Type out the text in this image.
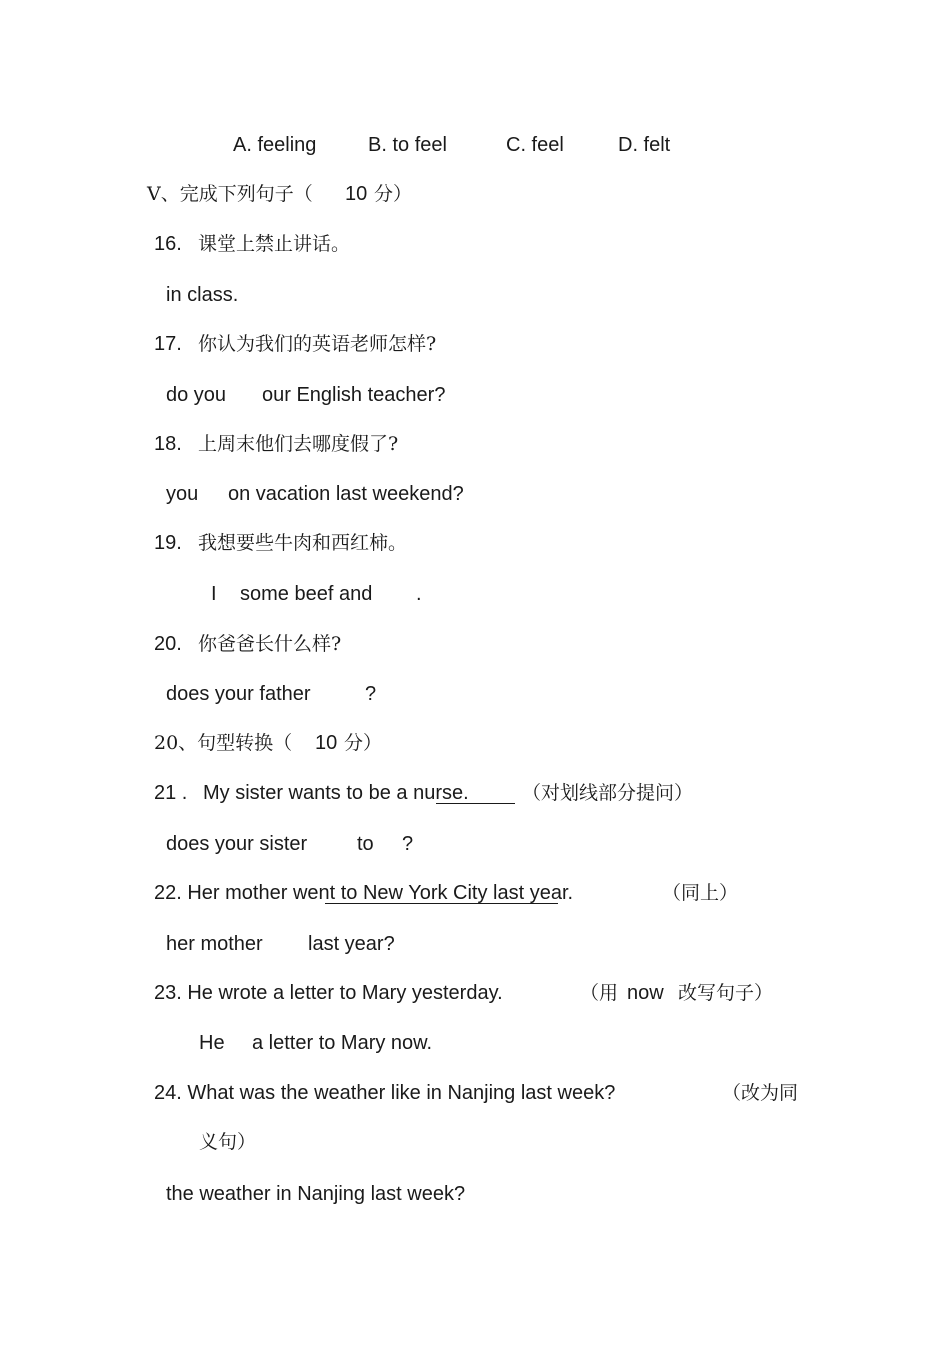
A. feeling	B. to feel	C. feel	D. felt
V、完成下列句子（ 10 分）
16. 课堂上禁止讲话。
in class.
17. 你认为我们的英语老师怎样?
do you our English teacher?
18. 上周末他们去哪度假了?
you on vacation last weekend?
19. 我想要些牛肉和西红柿。
I some beef and .
20. 你爸爸长什么样?
does your father	?
20、句型转换（ 10 分）
21 . My sister wants to be a nurse.	（对划线部分提问）
does your sister to ?
22. Her mother went to New York City last year.	（同上）
her mother last year?
23. He wrote a letter to Mary yesterday.	（用 now 改写句子）
He a letter to Mary now.
24. What was the weather like in Nanjing last week?	（改为同
义句）
the weather in Nanjing last week?
